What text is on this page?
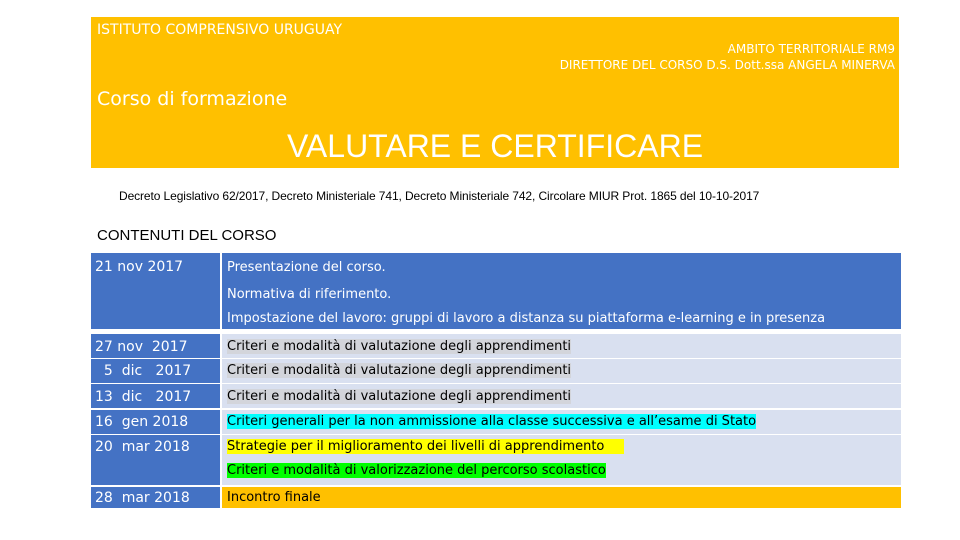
ISTITUTO COMPRENSIVO URUGUAY
AMBITO TERRITORIALE RM9
DIRETTORE DEL CORSO D.S. Dott.ssa ANGELA MINERVA
Corso di formazione
VALUTARE E CERTIFICARE
Decreto Legislativo 62/2017, Decreto Ministeriale 741, Decreto Ministeriale 742, Circolare MIUR Prot. 1865 del 10-10-2017
CONTENUTI DEL CORSO
21 nov 2017	Presentazione del corso.
Normativa di riferimento.
Impostazione del lavoro: gruppi di lavoro a distanza su piattaforma e-learning e in presenza
27 nov  2017	Criteri e modalità di valutazione degli apprendimenti
5  dic   2017	Criteri e modalità di valutazione degli apprendimenti
13  dic   2017	Criteri e modalità di valutazione degli apprendimenti
16  gen 2018	Criteri generali per la non ammissione alla classe successiva e all’esame di Stato
20  mar 2018	Strategie per il miglioramento dei livelli di apprendimento
Criteri e modalità di valorizzazione del percorso scolastico
28  mar 2018	Incontro finale
